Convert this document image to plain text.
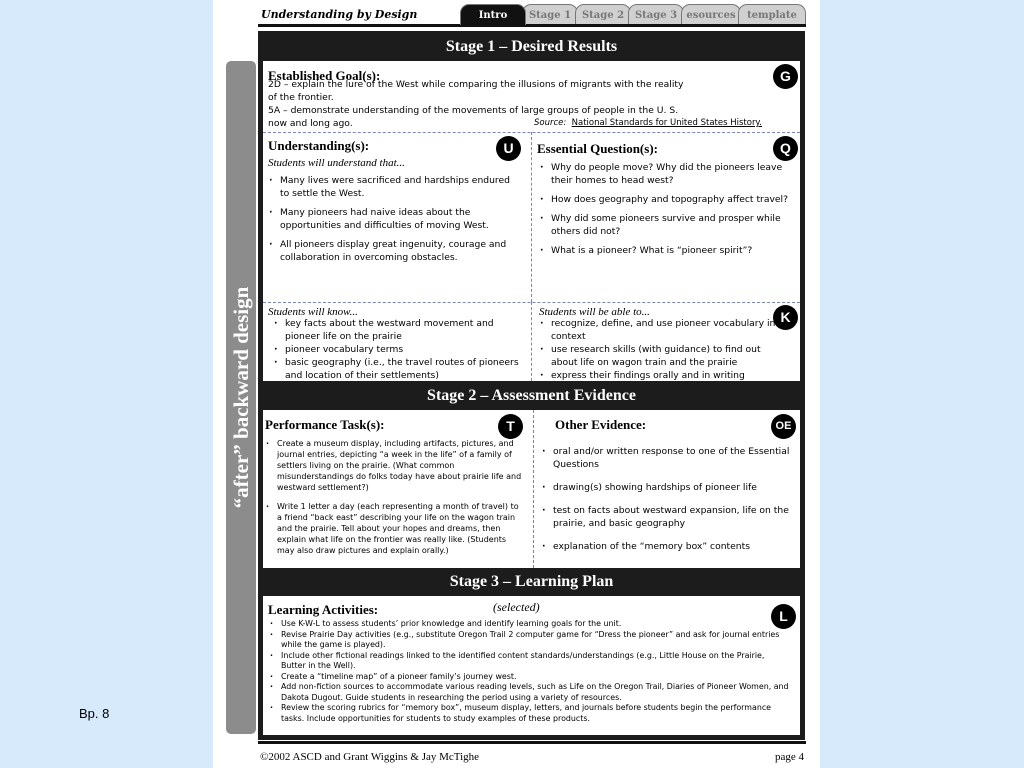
Bp. 8
Understanding by Design	Intro	Stage 1	Stage 2	Stage 3 esources	template
“after” backward design
Stage 1 – Desired Results
Established Goal(s):	G
2D – explain the lure of the West while comparing the illusions of migrants with the reality
of the frontier.
5A – demonstrate understanding of the movements of large groups of people in the U. S.
now and long ago.	Source: National Standards for United States History.
Understanding(s):	U
Students will understand that...
· Many lives were sacrificed and hardships endured to settle the West.
· Many pioneers had naive ideas about the opportunities and difficulties of moving West.
· All pioneers display great ingenuity, courage and collaboration in overcoming obstacles.
Essential Question(s):	Q
· Why do people move? Why did the pioneers leave their homes to head west?
· How does geography and topography affect travel?
· Why did some pioneers survive and prosper while others did not?
· What is a pioneer? What is “pioneer spirit”?
Students will know...
· key facts about the westward movement and pioneer life on the prairie
· pioneer vocabulary terms
· basic geography (i.e., the travel routes of pioneers and location of their settlements)
Students will be able to...	K
· recognize, define, and use pioneer vocabulary in context
· use research skills (with guidance) to find out about life on wagon train and the prairie
· express their findings orally and in writing
Stage 2 – Assessment Evidence
Performance Task(s):	T
· Create a museum display, including artifacts, pictures, and journal entries, depicting “a week in the life” of a family of settlers living on the prairie. (What common misunderstandings do folks today have about prairie life and westward settlement?)
· Write 1 letter a day (each representing a month of travel) to a friend “back east” describing your life on the wagon train and the prairie. Tell about your hopes and dreams, then explain what life on the frontier was really like. (Students may also draw pictures and explain orally.)
Other Evidence:	OE
· oral and/or written response to one of the Essential Questions
· drawing(s) showing hardships of pioneer life
· test on facts about westward expansion, life on the prairie, and basic geography
· explanation of the “memory box” contents
Stage 3 – Learning Plan
Learning Activities:	(selected)
L
· Use K-W-L to assess students’ prior knowledge and identify learning goals for the unit.
· Revise Prairie Day activities (e.g., substitute Oregon Trail 2 computer game for “Dress the pioneer” and ask for journal entries while the game is played).
· Include other fictional readings linked to the identified content standards/understandings (e.g., Little House on the Prairie, Butter in the Well).
· Create a “timeline map” of a pioneer family’s journey west.
· Add non-fiction sources to accommodate various reading levels, such as Life on the Oregon Trail, Diaries of Pioneer Women, and Dakota Dugout. Guide students in researching the period using a variety of resources.
· Review the scoring rubrics for “memory box”, museum display, letters, and journals before students begin the performance tasks. Include opportunities for students to study examples of these products.
©2002 ASCD and Grant Wiggins & Jay McTighe	page 4
